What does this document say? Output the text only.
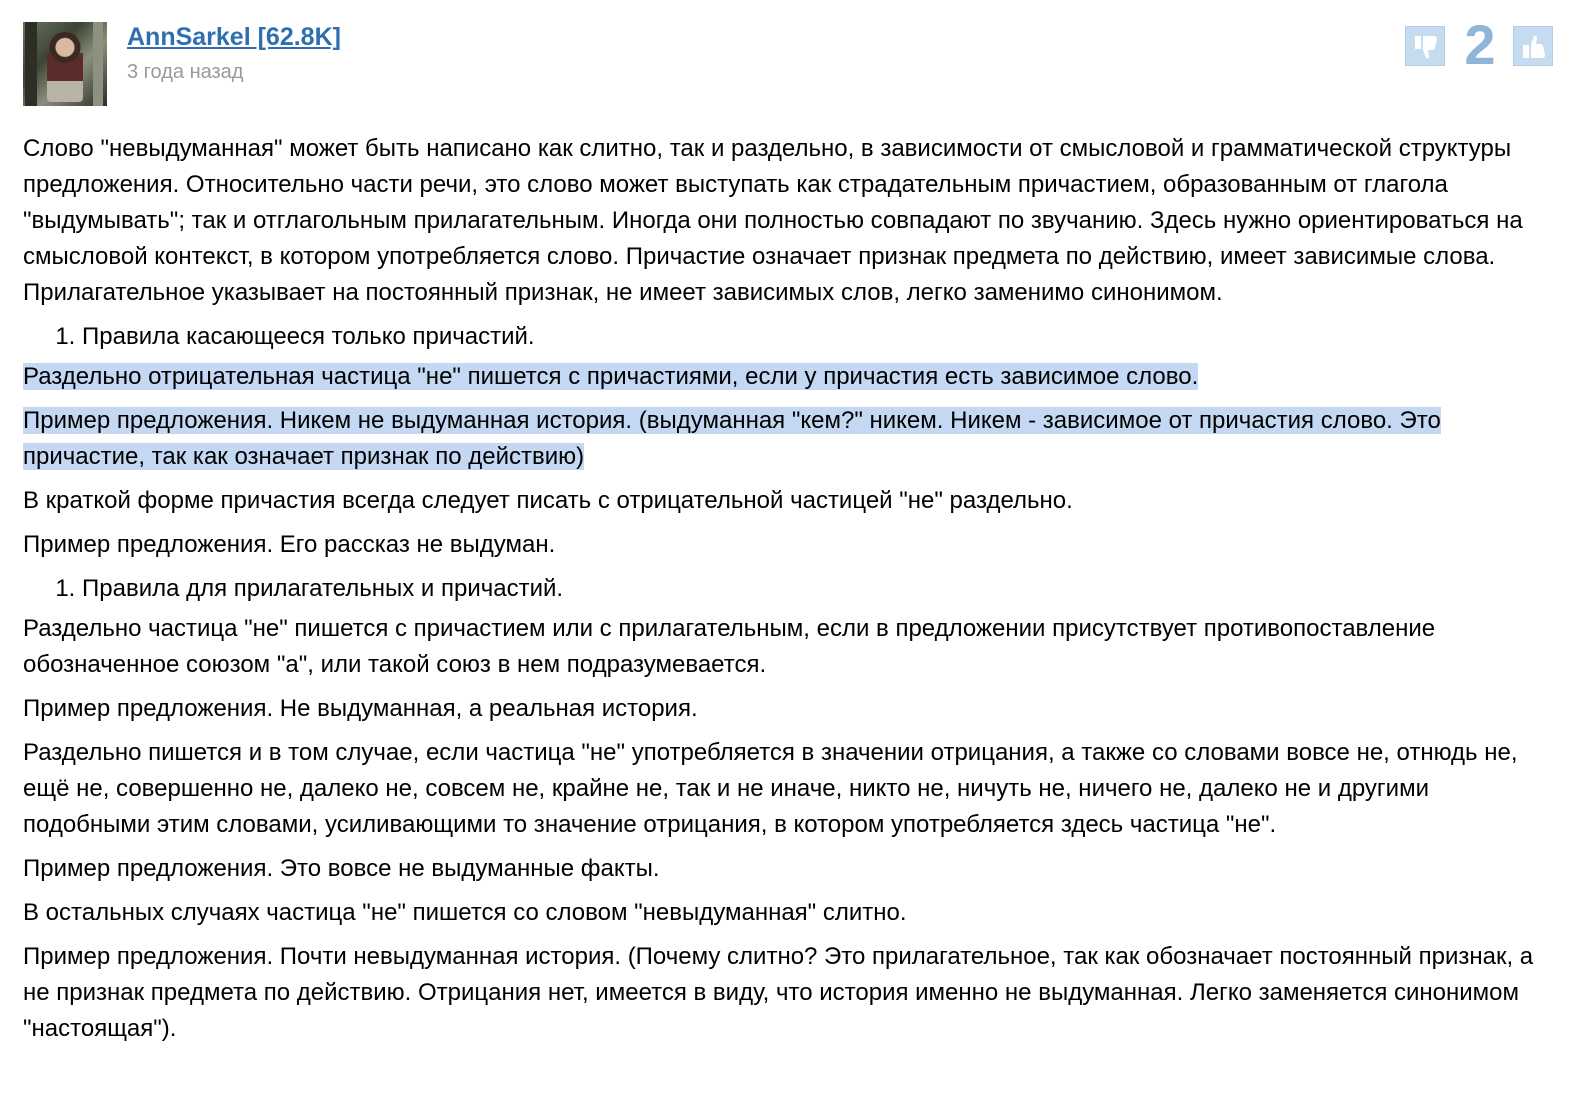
AnnSarkel [62.8K]
3 года назад	2

Слово "невыдуманная" может быть написано как слитно, так и раздельно, в зависимости от смысловой и грамматической структуры предложения. Относительно части речи, это слово может выступать как страдательным причастием, образованным от глагола "выдумывать"; так и отглагольным прилагательным. Иногда они полностью совпадают по звучанию. Здесь нужно ориентироваться на смысловой контекст, в котором употребляется слово. Причастие означает признак предмета по действию, имеет зависимые слова. Прилагательное указывает на постоянный признак, не имеет зависимых слов, легко заменимо синонимом.

1. Правила касающееся только причастий.

Раздельно отрицательная частица "не" пишется с причастиями, если у причастия есть зависимое слово.

Пример предложения. Никем не выдуманная история. (выдуманная "кем?" никем. Никем - зависимое от причастия слово. Это причастие, так как означает признак по действию)

В краткой форме причастия всегда следует писать с отрицательной частицей "не" раздельно.

Пример предложения. Его рассказ не выдуман.

1. Правила для прилагательных и причастий.

Раздельно частица "не" пишется с причастием или с прилагательным, если в предложении присутствует противопоставление обозначенное союзом "а", или такой союз в нем подразумевается.

Пример предложения. Не выдуманная, а реальная история.

Раздельно пишется и в том случае, если частица "не" употребляется в значении отрицания, а также со словами вовсе не, отнюдь не, ещё не, совершенно не, далеко не, совсем не, крайне не, так и не иначе, никто не, ничуть не, ничего не, далеко не и другими подобными этим словами, усиливающими то значение отрицания, в котором употребляется здесь частица "не".

Пример предложения. Это вовсе не выдуманные факты.

В остальных случаях частица "не" пишется со словом "невыдуманная" слитно.

Пример предложения. Почти невыдуманная история. (Почему слитно? Это прилагательное, так как обозначает постоянный признак, а не признак предмета по действию. Отрицания нет, имеется в виду, что история именно не выдуманная. Легко заменяется синонимом "настоящая").
